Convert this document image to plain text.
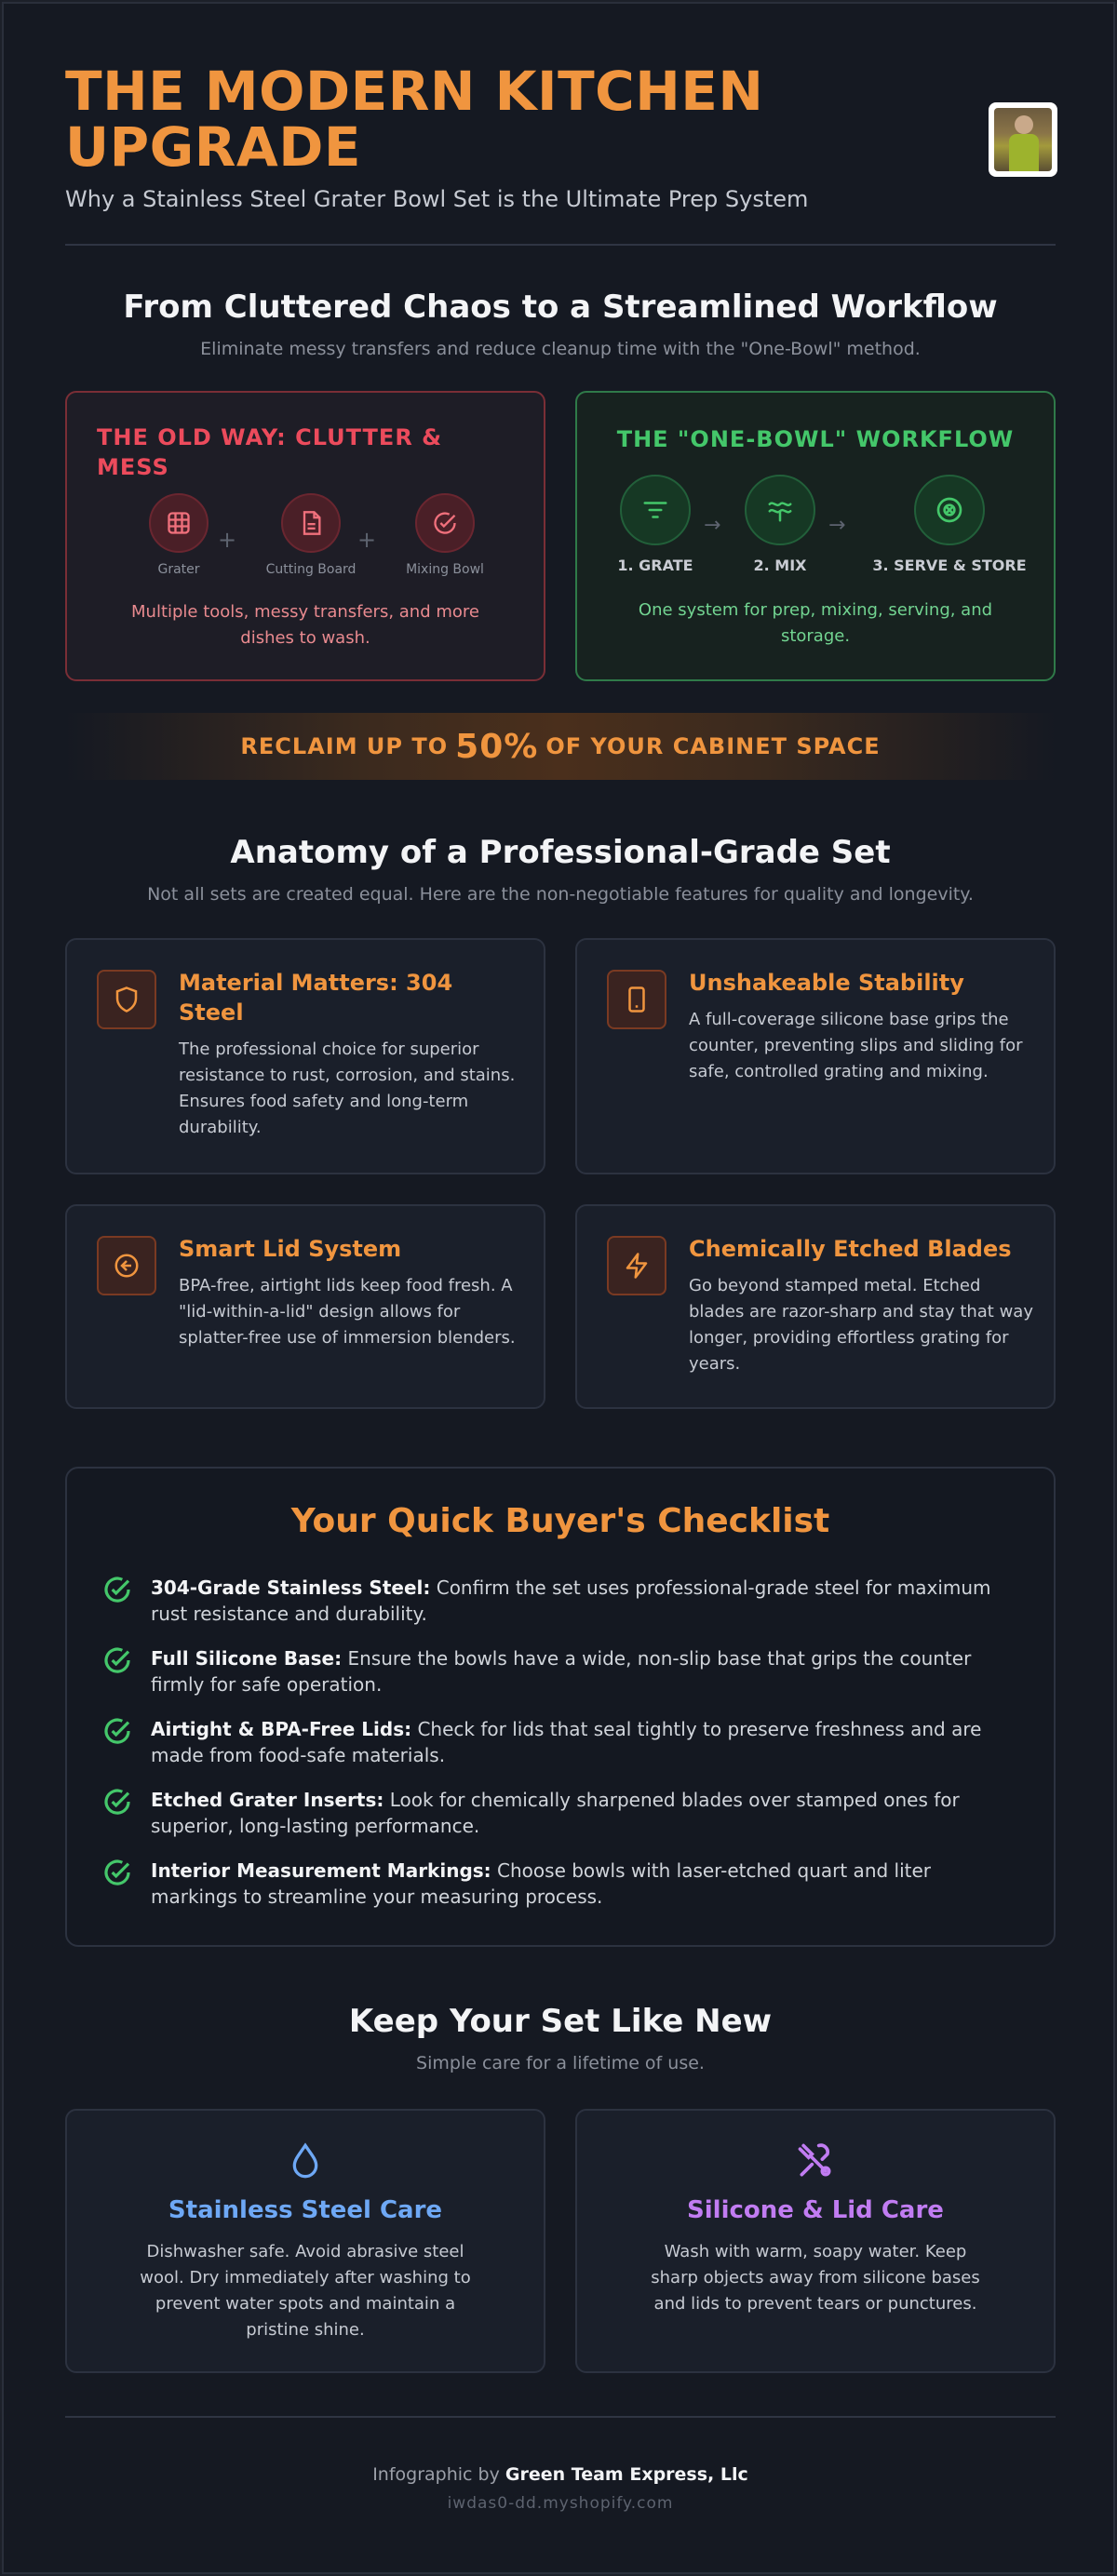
THE MODERN KITCHEN UPGRADE
Why a Stainless Steel Grater Bowl Set is the Ultimate Prep System
From Cluttered Chaos to a Streamlined Workflow
Eliminate messy transfers and reduce cleanup time with the "One-Bowl" method.
THE OLD WAY: CLUTTER & MESS
Grater
+
Cutting Board
+
Mixing Bowl
Multiple tools, messy transfers, and more dishes to wash.
THE "ONE-BOWL" WORKFLOW
1. GRATE
→
2. MIX
→
3. SERVE & STORE
One system for prep, mixing, serving, and storage.
RECLAIM UP TO 50% OF YOUR CABINET SPACE
Anatomy of a Professional-Grade Set
Not all sets are created equal. Here are the non-negotiable features for quality and longevity.
Material Matters: 304 Steel
The professional choice for superior resistance to rust, corrosion, and stains. Ensures food safety and long-term durability.
Unshakeable Stability
A full-coverage silicone base grips the counter, preventing slips and sliding for safe, controlled grating and mixing.
Smart Lid System
BPA-free, airtight lids keep food fresh. A "lid-within-a-lid" design allows for splatter-free use of immersion blenders.
Chemically Etched Blades
Go beyond stamped metal. Etched blades are razor-sharp and stay that way longer, providing effortless grating for years.
Your Quick Buyer's Checklist
304-Grade Stainless Steel: Confirm the set uses professional-grade steel for maximum rust resistance and durability.
Full Silicone Base: Ensure the bowls have a wide, non-slip base that grips the counter firmly for safe operation.
Airtight & BPA-Free Lids: Check for lids that seal tightly to preserve freshness and are made from food-safe materials.
Etched Grater Inserts: Look for chemically sharpened blades over stamped ones for superior, long-lasting performance.
Interior Measurement Markings: Choose bowls with laser-etched quart and liter markings to streamline your measuring process.
Keep Your Set Like New
Simple care for a lifetime of use.
Stainless Steel Care
Dishwasher safe. Avoid abrasive steel wool. Dry immediately after washing to prevent water spots and maintain a pristine shine.
Silicone & Lid Care
Wash with warm, soapy water. Keep sharp objects away from silicone bases and lids to prevent tears or punctures.
Infographic by Green Team Express, Llc
iwdas0-dd.myshopify.com
